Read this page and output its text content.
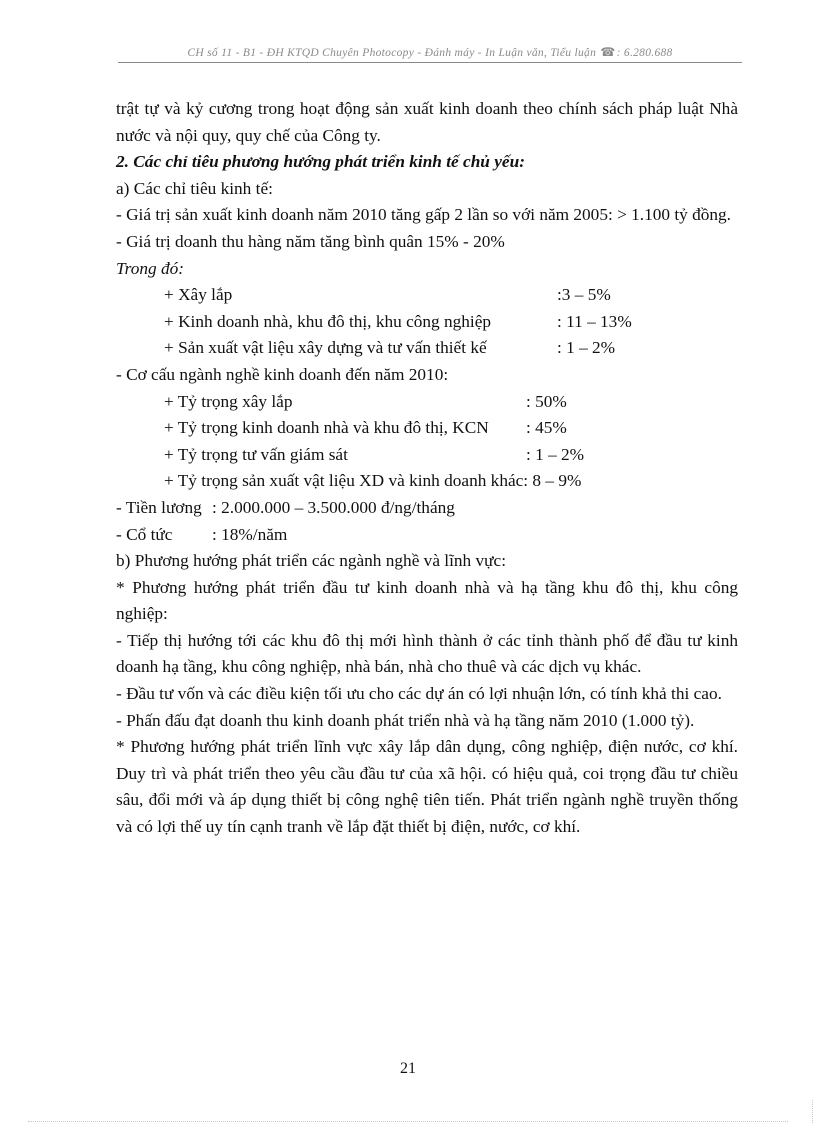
CH số 11 - B1 - ĐH KTQD Chuyên Photocopy - Đánh máy - In Luận văn, Tiểu luận ☎: 6.280.688

trật tự và kỷ cương trong hoạt động sản xuất kinh doanh theo chính sách pháp luật Nhà nước và nội quy, quy chế của Công ty.

2. Các chỉ tiêu phương hướng phát triển kinh tế chủ yếu:

a) Các chỉ tiêu kinh tế:

- Giá trị sản xuất kinh doanh năm 2010 tăng gấp 2 lần so với năm 2005: > 1.100 tỷ đồng.

- Giá trị doanh thu hàng năm tăng bình quân 15% - 20%

Trong đó:

+ Xây lắp	:3 – 5%
+ Kinh doanh nhà, khu đô thị, khu công nghiệp	: 11 – 13%
+ Sản xuất vật liệu xây dựng và tư vấn thiết kế	: 1 – 2%

- Cơ cấu ngành nghề kinh doanh đến năm 2010:

+ Tỷ trọng xây lắp	: 50%
+ Tỷ trọng kinh doanh nhà và khu đô thị, KCN	: 45%
+ Tỷ trọng tư vấn giám sát	: 1 – 2%
+ Tỷ trọng sản xuất vật liệu XD và kinh doanh khác: 8 – 9%
- Tiền lương : 2.000.000 – 3.500.000 đ/ng/tháng
- Cổ tức	: 18%/năm

b) Phương hướng phát triển các ngành nghề và lĩnh vực:

* Phương hướng phát triển đầu tư kinh doanh nhà và hạ tầng khu đô thị, khu công nghiệp:

- Tiếp thị hướng tới các khu đô thị mới hình thành ở các tỉnh thành phố để đầu tư kinh doanh hạ tầng, khu công nghiệp, nhà bán, nhà cho thuê và các dịch vụ khác.

- Đầu tư vốn và các điều kiện tối ưu cho các dự án có lợi nhuận lớn, có tính khả thi cao.

- Phấn đấu đạt doanh thu kinh doanh phát triển nhà và hạ tầng năm 2010 (1.000 tỷ).

* Phương hướng phát triển lĩnh vực xây lắp dân dụng, công nghiệp, điện nước, cơ khí. Duy trì và phát triển theo yêu cầu đầu tư của xã hội. có hiệu quả, coi trọng đầu tư chiều sâu, đổi mới và áp dụng thiết bị công nghệ tiên tiến. Phát triển ngành nghề truyền thống và có lợi thế uy tín cạnh tranh về lắp đặt thiết bị điện, nước, cơ khí.

21
